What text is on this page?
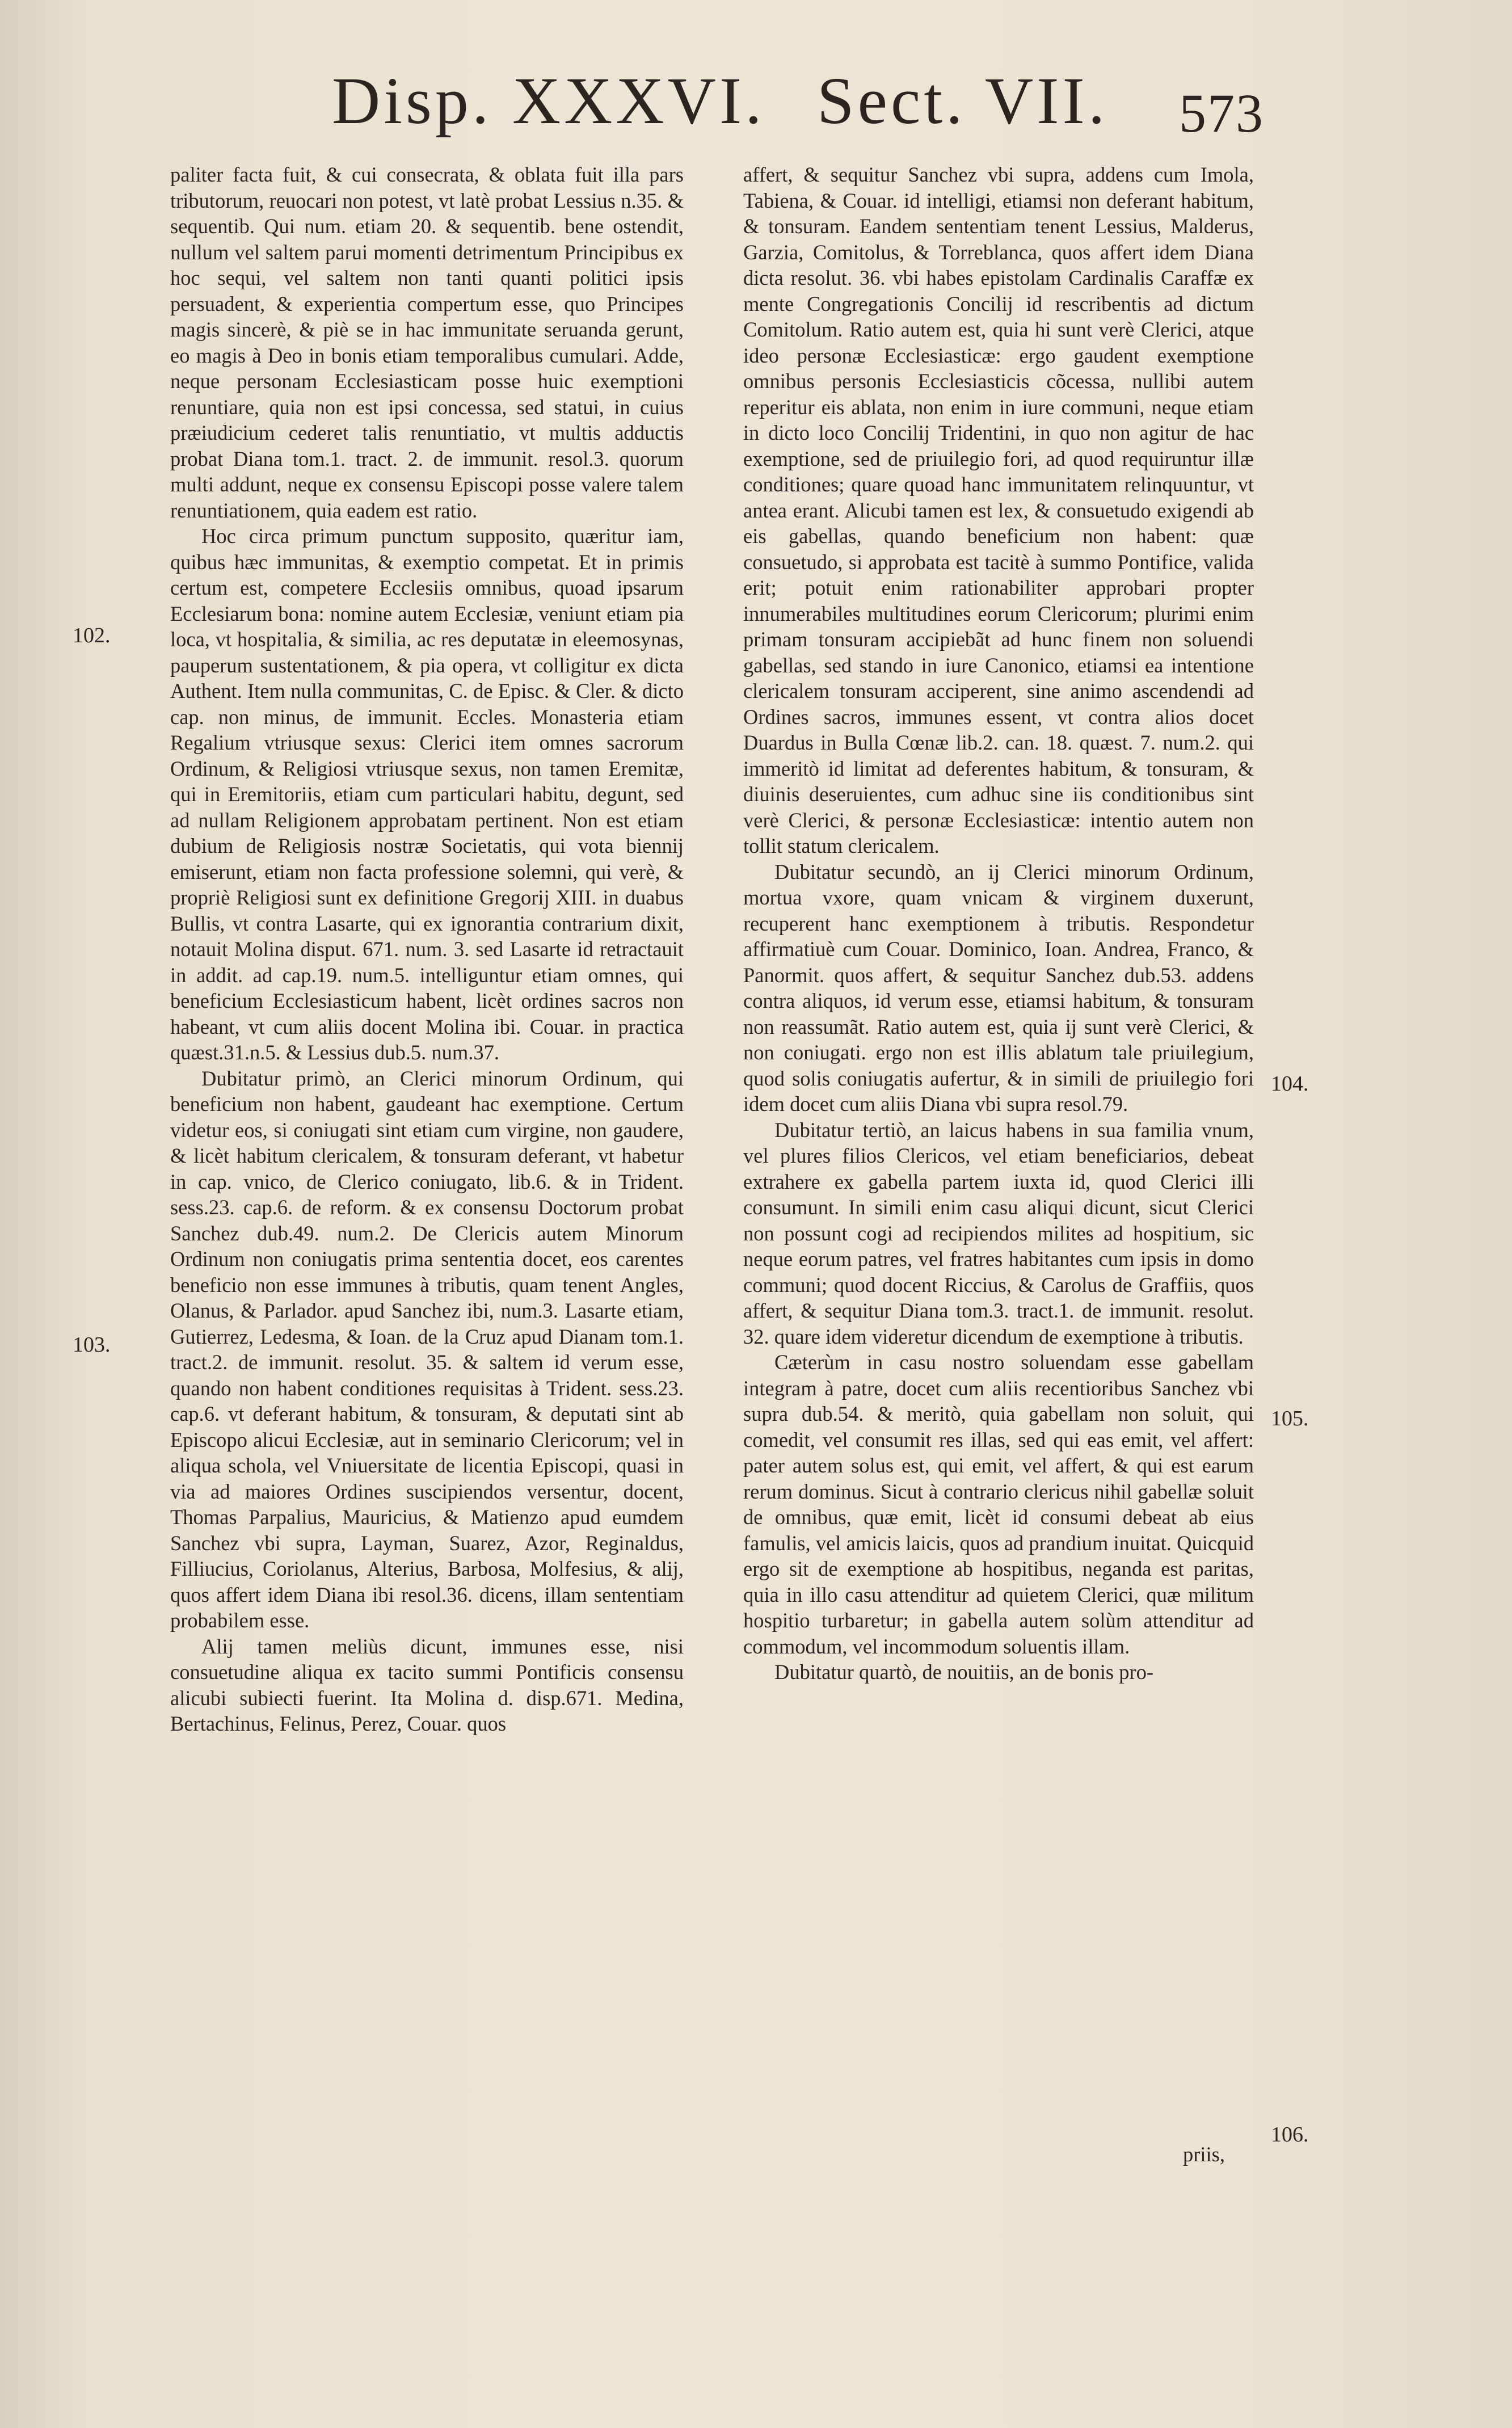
Disp. XXXVI. Sect. VII. 573

paliter facta fuit, & cui consecrata, & oblata fuit illa pars tributorum, reuocari non potest, vt latè probat Lessius n.35. & sequentib. Qui num. etiam 20. & sequentib. bene ostendit, nullum vel saltem parui momenti detrimentum Principibus ex hoc sequi, vel saltem non tanti quanti politici ipsis persuadent, & experientia compertum esse, quo Principes magis sincerè, & piè se in hac immunitate seruanda gerunt, eo magis à Deo in bonis etiam temporalibus cumulari. Adde, neque personam Ecclesiasticam posse huic exemptioni renuntiare, quia non est ipsi concessa, sed statui, in cuius præiudicium cederet talis renuntiatio, vt multis adductis probat Diana tom.1. tract. 2. de immunit. resol.3. quorum multi addunt, neque ex consensu Episcopi posse valere talem renuntiationem, quia eadem est ratio.

Hoc circa primum punctum supposito, quæritur iam, quibus hæc immunitas, & exemptio competat. Et in primis certum est, competere Ecclesiis omnibus, quoad ipsarum Ecclesiarum bona: nomine autem Ecclesiæ, veniunt etiam pia loca, vt hospitalia, & similia, ac res deputatæ in eleemosynas, pauperum sustentationem, & pia opera, vt colligitur ex dicta Authent. Item nulla communitas, C. de Episc. & Cler. & dicto cap. non minus, de immunit. Eccles. Monasteria etiam Regalium vtriusque sexus: Clerici item omnes sacrorum Ordinum, & Religiosi vtriusque sexus, non tamen Eremitæ, qui in Eremitoriis, etiam cum particulari habitu, degunt, sed ad nullam Religionem approbatam pertinent. Non est etiam dubium de Religiosis nostræ Societatis, qui vota biennij emiserunt, etiam non facta professione solemni, qui verè, & propriè Religiosi sunt ex definitione Gregorij XIII. in duabus Bullis, vt contra Lasarte, qui ex ignorantia contrarium dixit, notauit Molina disput. 671. num. 3. sed Lasarte id retractauit in addit. ad cap.19. num.5. intelliguntur etiam omnes, qui beneficium Ecclesiasticum habent, licèt ordines sacros non habeant, vt cum aliis docent Molina ibi. Couar. in practica quæst.31.n.5. & Lessius dub.5. num.37.

Dubitatur primò, an Clerici minorum Ordinum, qui beneficium non habent, gaudeant hac exemptione. Certum videtur eos, si coniugati sint etiam cum virgine, non gaudere, & licèt habitum clericalem, & tonsuram deferant, vt habetur in cap. vnico, de Clerico coniugato, lib.6. & in Trident. sess.23. cap.6. de reform. & ex consensu Doctorum probat Sanchez dub.49. num.2. De Clericis autem Minorum Ordinum non coniugatis prima sententia docet, eos carentes beneficio non esse immunes à tributis, quam tenent Angles, Olanus, & Parlador. apud Sanchez ibi, num.3. Lasarte etiam, Gutierrez, Ledesma, & Ioan. de la Cruz apud Dianam tom.1. tract.2. de immunit. resolut. 35. & saltem id verum esse, quando non habent conditiones requisitas à Trident. sess.23. cap.6. vt deferant habitum, & tonsuram, & deputati sint ab Episcopo alicui Ecclesiæ, aut in seminario Clericorum; vel in aliqua schola, vel Vniuersitate de licentia Episcopi, quasi in via ad maiores Ordines suscipiendos versentur, docent, Thomas Parpalius, Mauricius, & Matienzo apud eumdem Sanchez vbi supra, Layman, Suarez, Azor, Reginaldus, Filliucius, Coriolanus, Alterius, Barbosa, Molfesius, & alij, quos affert idem Diana ibi resol.36. dicens, illam sententiam probabilem esse.

Alij tamen meliùs dicunt, immunes esse, nisi consuetudine aliqua ex tacito summi Pontificis consensu alicubi subiecti fuerint. Ita Molina d. disp.671. Medina, Bertachinus, Felinus, Perez, Couar. quos

affert, & sequitur Sanchez vbi supra, addens cum Imola, Tabiena, & Couar. id intelligi, etiamsi non deferant habitum, & tonsuram. Eandem sententiam tenent Lessius, Malderus, Garzia, Comitolus, & Torreblanca, quos affert idem Diana dicta resolut. 36. vbi habes epistolam Cardinalis Caraffæ ex mente Congregationis Concilij id rescribentis ad dictum Comitolum. Ratio autem est, quia hi sunt verè Clerici, atque ideo personæ Ecclesiasticæ: ergo gaudent exemptione omnibus personis Ecclesiasticis cõcessa, nullibi autem reperitur eis ablata, non enim in iure communi, neque etiam in dicto loco Concilij Tridentini, in quo non agitur de hac exemptione, sed de priuilegio fori, ad quod requiruntur illæ conditiones; quare quoad hanc immunitatem relinquuntur, vt antea erant. Alicubi tamen est lex, & consuetudo exigendi ab eis gabellas, quando beneficium non habent: quæ consuetudo, si approbata est tacitè à summo Pontifice, valida erit; potuit enim rationabiliter approbari propter innumerabiles multitudines eorum Clericorum; plurimi enim primam tonsuram accipiebãt ad hunc finem non soluendi gabellas, sed stando in iure Canonico, etiamsi ea intentione clericalem tonsuram acciperent, sine animo ascendendi ad Ordines sacros, immunes essent, vt contra alios docet Duardus in Bulla Cœnæ lib.2. can. 18. quæst. 7. num.2. qui immeritò id limitat ad deferentes habitum, & tonsuram, & diuinis deseruientes, cum adhuc sine iis conditionibus sint verè Clerici, & personæ Ecclesiasticæ: intentio autem non tollit statum clericalem.

Dubitatur secundò, an ij Clerici minorum Ordinum, mortua vxore, quam vnicam & virginem duxerunt, recuperent hanc exemptionem à tributis. Respondetur affirmatiuè cum Couar. Dominico, Ioan. Andrea, Franco, & Panormit. quos affert, & sequitur Sanchez dub.53. addens contra aliquos, id verum esse, etiamsi habitum, & tonsuram non reassumãt. Ratio autem est, quia ij sunt verè Clerici, & non coniugati. ergo non est illis ablatum tale priuilegium, quod solis coniugatis aufertur, & in simili de priuilegio fori idem docet cum aliis Diana vbi supra resol.79.

Dubitatur tertiò, an laicus habens in sua familia vnum, vel plures filios Clericos, vel etiam beneficiarios, debeat extrahere ex gabella partem iuxta id, quod Clerici illi consumunt. In simili enim casu aliqui dicunt, sicut Clerici non possunt cogi ad recipiendos milites ad hospitium, sic neque eorum patres, vel fratres habitantes cum ipsis in domo communi; quod docent Riccius, & Carolus de Graffiis, quos affert, & sequitur Diana tom.3. tract.1. de immunit. resolut. 32. quare idem videretur dicendum de exemptione à tributis.

Cæterùm in casu nostro soluendam esse gabellam integram à patre, docet cum aliis recentioribus Sanchez vbi supra dub.54. & meritò, quia gabellam non soluit, qui comedit, vel consumit res illas, sed qui eas emit, vel affert: pater autem solus est, qui emit, vel affert, & qui est earum rerum dominus. Sicut à contrario clericus nihil gabellæ soluit de omnibus, quæ emit, licèt id consumi debeat ab eius famulis, vel amicis laicis, quos ad prandium inuitat. Quicquid ergo sit de exemptione ab hospitibus, neganda est paritas, quia in illo casu attenditur ad quietem Clerici, quæ militum hospitio turbaretur; in gabella autem solùm attenditur ad commodum, vel incommodum soluentis illam.

Dubitatur quartò, de nouitiis, an de bonis pro-

102.
103.
104.
105.
106.
priis,
